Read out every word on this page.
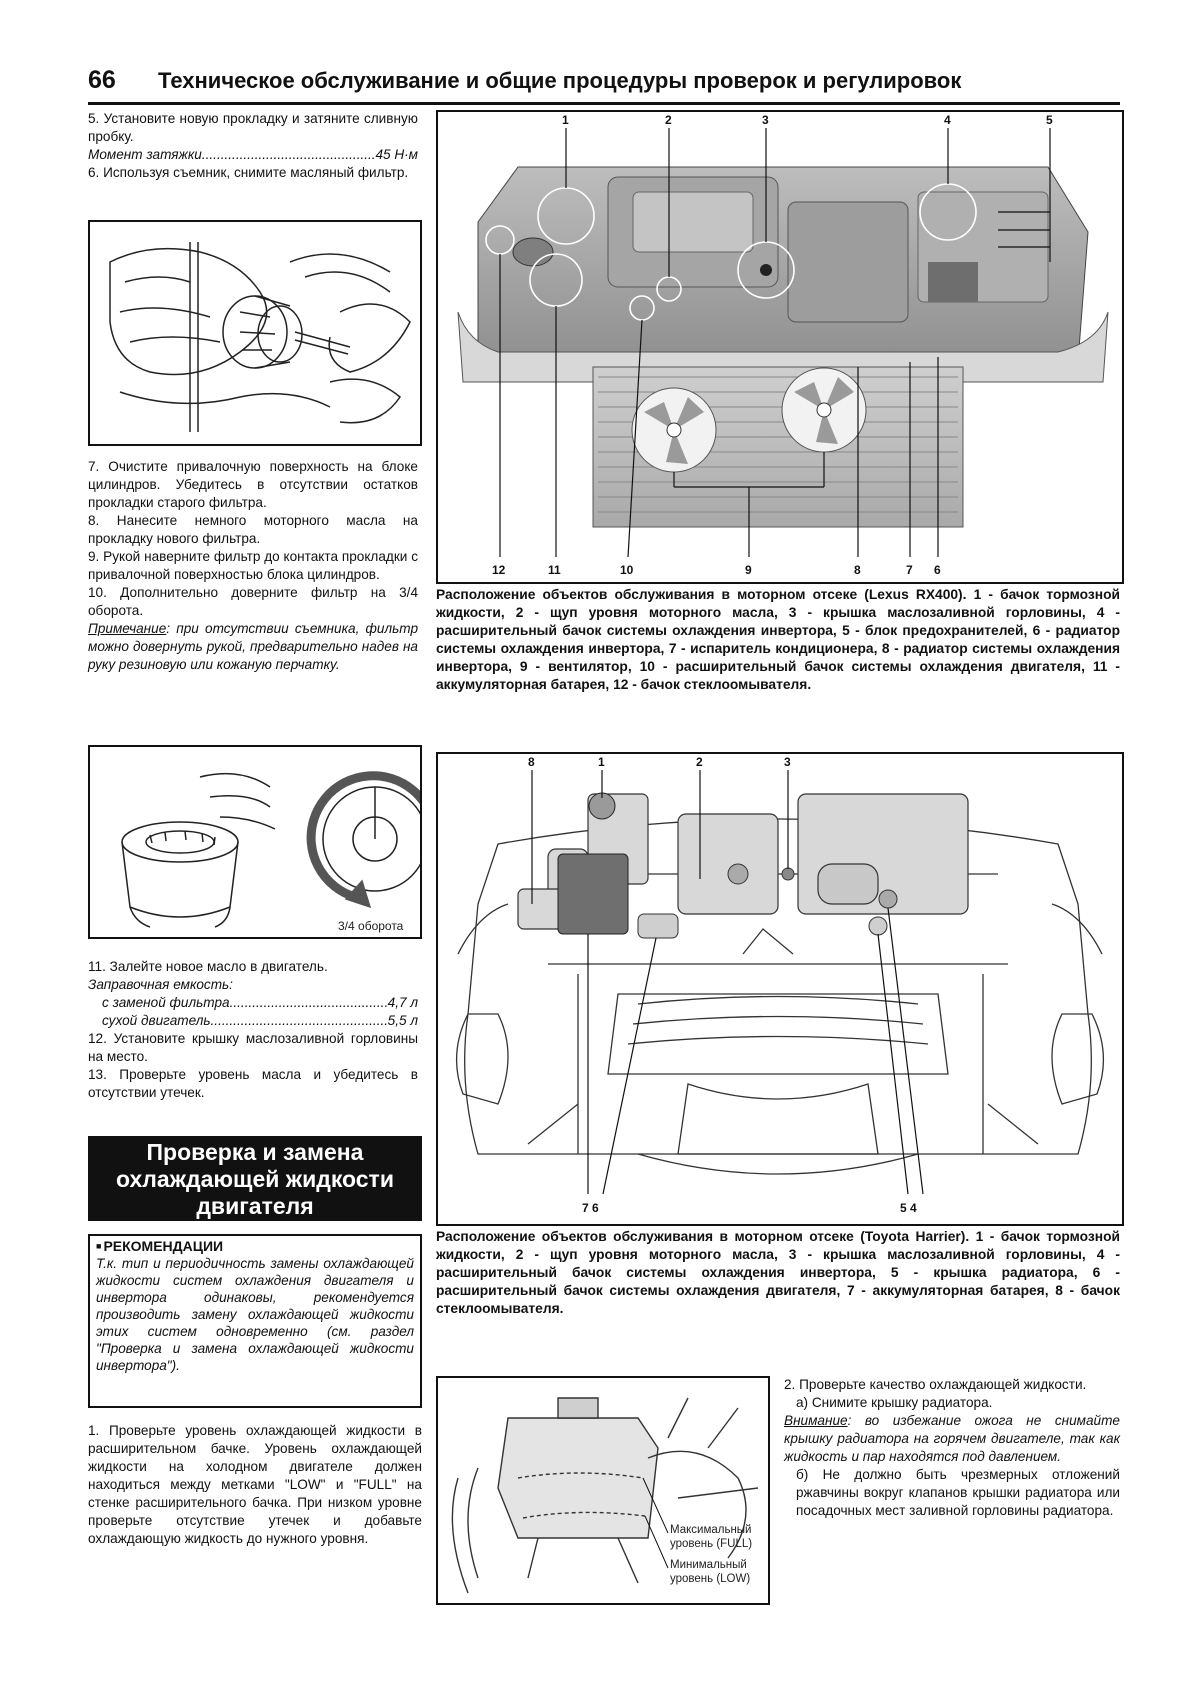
66 Техническое обслуживание и общие процедуры проверок и регулировок

5. Установите новую прокладку и затяните сливную пробку.

Момент затяжки .....	45 Н·м

6. Используя съемник, снимите масляный фильтр.

7. Очистите привалочную поверхность на блоке цилиндров. Убедитесь в отсутствии остатков прокладки старого фильтра.

8. Нанесите немного моторного масла на прокладку нового фильтра.

9. Рукой наверните фильтр до контакта прокладки с привалочной поверхностью блока цилиндров.

10. Дополнительно доверните фильтр на 3/4 оборота.

Примечание: при отсутствии съемника, фильтр можно довернуть рукой, предварительно надев на руку резиновую или кожаную перчатку.

3/4 оборота

11. Залейте новое масло в двигатель.

Заправочная емкость:

с заменой фильтра .....	4,7 л
сухой двигатель .....	5,5 л

12. Установите крышку маслозаливной горловины на место.

13. Проверьте уровень масла и убедитесь в отсутствии утечек.

Проверка и замена
охлаждающей жидкости
двигателя
■ РЕКОМЕНДАЦИИ
Т.к. тип и периодичность замены охлаждающей жидкости систем охлаждения двигателя и инвертора одинаковы, рекомендуется производить замену охлаждающей жидкости этих систем одновременно (см. раздел "Проверка и замена охлаждающей жидкости инвертора").

1. Проверьте уровень охлаждающей жидкости в расширительном бачке. Уровень охлаждающей жидкости на холодном двигателе должен находиться между метками "LOW" и "FULL" на стенке расширительного бачка. При низком уровне проверьте отсутствие утечек и добавьте охлаждающую жидкость до нужного уровня.

1	2	3	4	5
12	11	10	9	8	7 6
Расположение объектов обслуживания в моторном отсеке (Lexus RX400). 1 - бачок тормозной жидкости, 2 - щуп уровня моторного масла, 3 - крышка маслозаливной горловины, 4 - расширительный бачок системы охлаждения инвертора, 5 - блок предохранителей, 6 - радиатор системы охлаждения инвертора, 7 - испаритель кондиционера, 8 - радиатор системы охлаждения инвертора, 9 - вентилятор, 10 - расширительный бачок системы охлаждения двигателя, 11 - аккумуляторная батарея, 12 - бачок стеклоомывателя.
8	1	2	3
7 6	5 4
Расположение объектов обслуживания в моторном отсеке (Toyota Harrier). 1 - бачок тормозной жидкости, 2 - щуп уровня моторного масла, 3 - крышка маслозаливной горловины, 4 - расширительный бачок системы охлаждения инвертора, 5 - крышка радиатора, 6 - расширительный бачок системы охлаждения двигателя, 7 - аккумуляторная батарея, 8 - бачок стеклоомывателя.
Максимальный
уровень (FULL)
Минимальный
уровень (LOW)

2. Проверьте качество охлаждающей жидкости.

а) Снимите крышку радиатора.

Внимание: во избежание ожога не снимайте крышку радиатора на горячем двигателе, так как жидкость и пар находятся под давлением.

б) Не должно быть чрезмерных отложений ржавчины вокруг клапанов крышки радиатора или посадочных мест заливной горловины радиатора.
